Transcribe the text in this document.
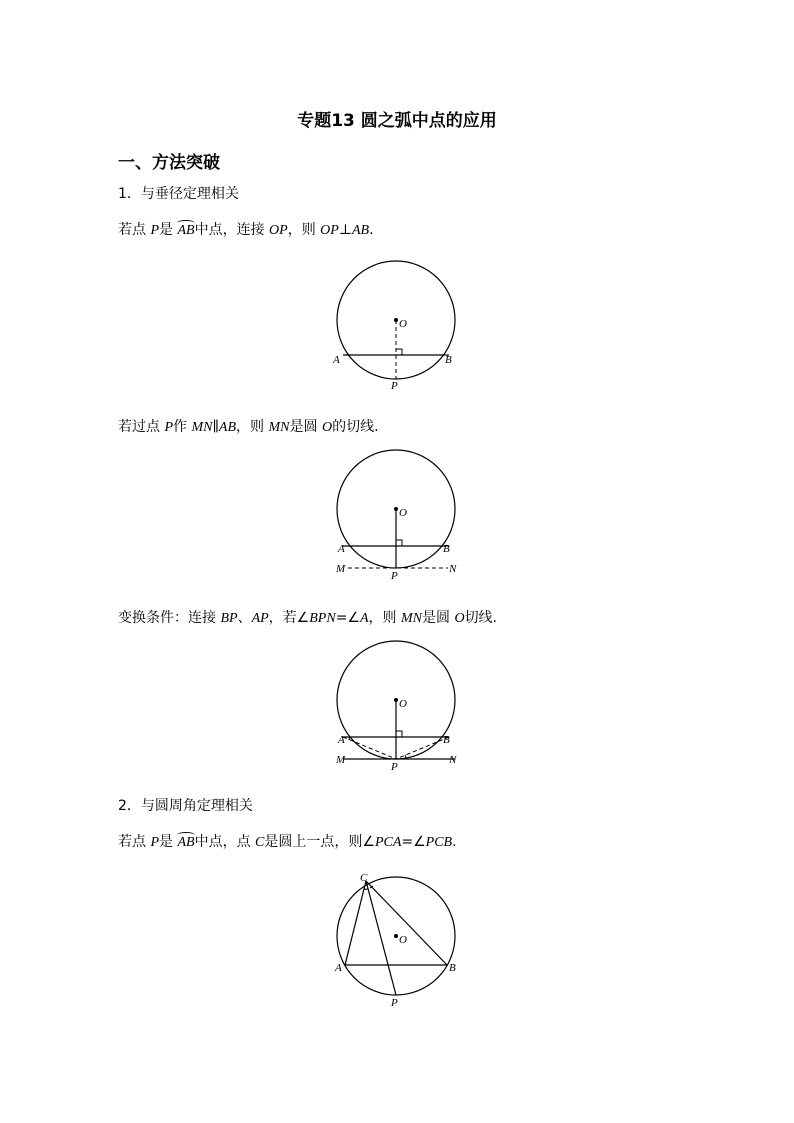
专题13 圆之弧中点的应用
一、方法突破
1．与垂径定理相关
若点 P是 AB中点，连接 OP，则 OP⊥AB.
O
A	B
P
若过点 P作 MN∥AB，则 MN是圆 O的切线.
O
A	B
M	N
P
变换条件：连接 BP、AP，若∠BPN=∠A，则 MN是圆 O切线.
O
A	B
M	N
P
2．与圆周角定理相关
若点 P是 AB中点，点 C是圆上一点，则∠PCA=∠PCB.
C
O
A	B
P
